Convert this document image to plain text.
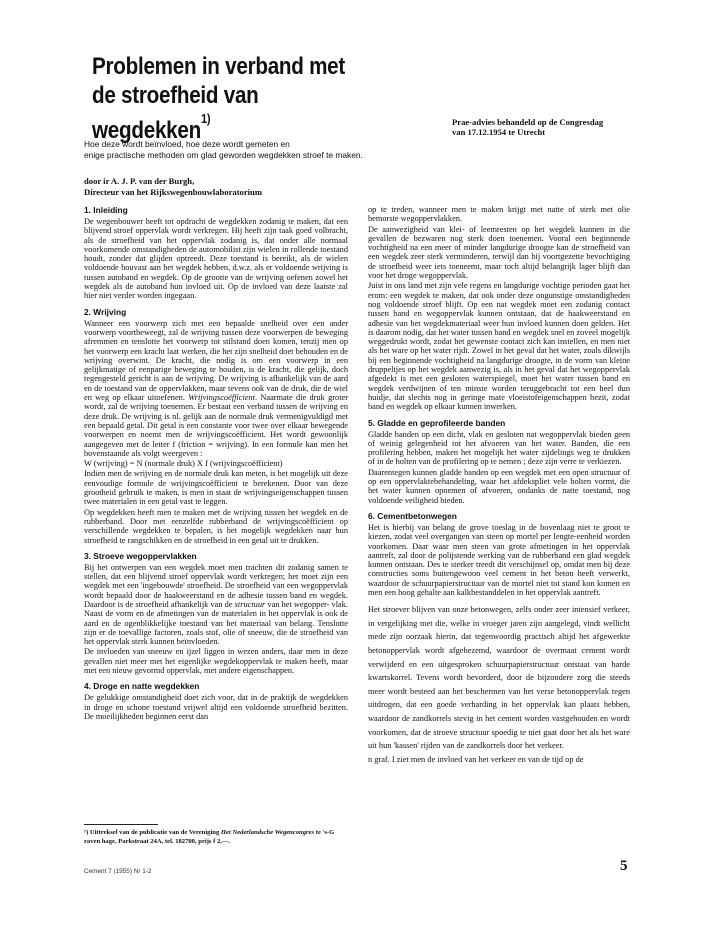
Problemen in verband met de stroefheid van wegdekken$^{1)}$	Prae-advies behandeld op de Congresdag
van 17.12.1954 te Utrecht
Hoe deze wordt beïnvloed, hoe deze wordt gemeten en
enige practische methoden om glad geworden wegdekken stroef te maken.
door ir A. J. P. van der Burgh,
Directeur van het Rijkswegenbouwlaboratorium
1. Inleiding

De wegenbouwer heeft tot opdracht de wegdekken zodanig te maken, dat een blijvend stroef oppervlak wordt verkregen. Hij heeft zijn taak goed volbracht, als de stroefheid van het oppervlak zodanig is, dat onder alle normaal voorkomende omstandigheden de automobilist zijn wielen in rollende toestand houdt, zonder dat glijden optreedt. Deze toestand is bereikt, als de wielen voldoende houvast aan het wegdek hebben, d.w.z. als er voldoende wrijving is tussen autoband en wegdek. Op de grootte van de wrijving oefenen zowel het wegdek als de autoband hun invloed uit. Op de invloed van deze laatste zal hier niet verder worden ingegaan.

2. Wrijving

Wanneer een voorwerp zich met een bepaalde snelheid over een ander voorwerp voortbeweegt, zal de wrijving tussen deze voorwerpen de beweging afremmen en tenslotte het voorwerp tot stilstand doen komen, tenzij men op het voorwerp een kracht laat werken, die het zijn snelheid doet behouden en de wrijving overwint. De kracht, die nodig is om een voorwerp in een gelijkmatige of eenparige beweging te houden, is de kracht, die gelijk, doch tegengesteld gericht is aan de wrijving. De wrijving is afhankelijk van de aard en de toestand van de oppervlakken, maar tevens ook van de druk, die de wiel en weg op elkaar uitoefenen. Wrijvingscoëfficient. Naarmate die druk groter wordt, zal de wrijving toenemen. Er bestaat een verband tussen de wrijving en deze druk. De wrijving is nl. gelijk aan de normale druk vermenigvuldigd met een bepaald getal. Dit getal is een constante voor twee over elkaar bewegende voorwerpen en noemt men de wrijvingscoëfficient. Het wordt gewoonlijk aangegeven met de letter f (friction = wrijving). In een formule kan men het bovenstaande als volgt weergeven :

W (wrijving) = N (normale druk) X f (wrijvingscoëfficient)

Indien men de wrijving en de normale druk kan meten, is het mogelijk uit deze eenvoudige formule de wrijvingscoëfficient te berekenen. Door van deze grootheid gebruik te maken, is men in staat de wrijvingseigenschappen tussen twee materialen in een getal vast te leggen.

Op wegdekken heeft men te maken met de wrijving tussen het wegdek en de rubberband. Door met eenzelfde rubberband de wrijvingscoëfficient op verschillende wegdekken te bepalen, is het mogelijk wegdekken naar hun stroefheid te rangschikken en de stroefheid in een getal uit te drukken.

3. Stroeve wegoppervlakken

Bij het ontwerpen van een wegdek moet men trachten dit zodanig samen te stellen, dat een blijvend stroef oppervlak wordt verkregen; het moet zijn een wegdek met een 'ingebouwde' stroefheid. De stroefheid van een wegoppervlak wordt bepaald door de haakweerstand en de adhesie tussen band en wegdek. Daardoor is de stroefheid afhankelijk van de structuur van het wegopper- vlak. Naast de vorm en de afmetingen van de materialen in het oppervlak is ook de aard en de ogenblikkelijke toestand van het materiaal van belang. Tenslotte zijn er de toevallige factoren, zoals stof, olie of sneeuw, die de stroefheid van het oppervlak sterk kunnen beïnvloeden.

De invloeden van sneeuw en ijzel liggen in wezen anders, daar men in deze gevallen niet meer met het eigenlijke wegdekoppervlak te maken heeft, maar met een nieuw gevormd oppervlak, met andere eigenschappen.

4. Droge en natte wegdekken

De gelukkige omstandigheid doet zich voor, dat in de praktijk de wegdekken in droge en schone toestand vrijwel altijd een voldoende stroefheid bezitten. De moeilijkheden beginnen eerst dan

op te treden, wanneer men te maken krijgt met natte of sterk met olie bemorste wegoppervlakken.

De aanwezigheid van klei- of leemresten op het wegdek kunnen in die gevallen de bezwaren nog sterk doen toenemen. Vooral een beginnende vochtigheid na een meer of minder langdurige droogte kan de stroefheid van een wegdek zeer sterk verminderen, terwijl dan bij voortgezette bevochtiging de stroefheid weer iets toeneemt, maar toch altijd belangrijk lager blijft dan voor het droge wegoppervlak.

Juist in ons land met zijn vele regens en langdurige vochtige perioden gaat het erom: een wegdek te maken, dat ook onder deze ongunstige omstandigheden nog voldoende stroef blijft. Op een nat wegdek moet een zodanig contact tussen band en wegoppervlak kunnen ontstaan, dat de haakweerstand en adhesie van het wegdekmateriaal weer hun invloed kunnen doen gelden. Het is daarom nodig, dat het water tussen band en wegdek snel en zoveel mogelijk weggedrukt wordt, zodat het gewenste contact zich kan instellen, en men niet als het ware op het water rijdt. Zowel in het geval dat het water, zoals dikwijls bij een beginnende vochtigheid na langdurige droogte, in de vorm van kleine druppeltjes op het wegdek aanwezig is, als in het geval dat het wegoppervlak afgedekt is met een gesloten waterspiegel, moet het water tussen band en wegdek verdwijnen of ten minste worden teruggebracht tot een heel dun huidje, dat slechts nog in geringe mate vloeistofeigenschappen bezit, zodat band en wegdek op elkaar kunnen inwerken.

5. Gladde en geprofileerde banden

Gladde banden op een dicht, vlak en gesloten nat wegoppervlak bieden geen of weinig gelegenheid tot het afvoeren van het water. Banden, die een profilering hebben, maken het mogelijk het water zijdelings weg te drukken of in de holten van de profilering op te nemen ; deze zijn verre te verkiezen.

Daarentegen kunnen gladde banden op een wegdek met een open structuur of op een oppervlaktebehandeling, waar het afdekspliet vele holten vormt, die het water kunnen opnemen of afvoeren, ondanks de natte toestand, nog voldoende veiligheid bieden.

6. Cementbetonwegen

Het is hierbij van belang de grove toeslag in de bovenlaag niet te groot te kiezen, zodat veel overgangen van steen op mortel per lengte-eenheid worden voorkomen. Daar waar men steen van grote afmetingen in het oppervlak aantreft, zal door de polijstende werking van de rubberband een glad wegdek kunnen ontstaan. Des te sterker treedt dit verschijnsel op, omdat men bij deze constructies soms buitengewoon veel cement in het beton heeft verwerkt, waardoor de schuurpapierstructuur van de mortel niet tot stand kon komen en men een hoog gehalte aan kalkbestanddelen in het oppervlak aantreft.

Het stroever blijven van onze betonwegen, zelfs onder zeer intensief verkeer, in vergelijking met die, welke in vroeger jaren zijn aangelegd, vindt wellicht mede zijn oorzaak hierin, dat tegenwoordig practisch altijd het afgewerkte betonoppervlak wordt afgebezemd, waardoor de overmaat cement wordt verwijderd en een uitgesproken schuurpapierstructuur ontstaat van harde kwartskorrel. Tevens wordt bevorderd, door de bijzondere zorg die steeds meer wordt besteed aan het beschermen van het verse betonoppervlak tegen uitdrogen, dat een goede verharding in het oppervlak kan plaats hebben, waardoor de zandkorrels stevig in het cement worden vastgehouden en wordt voorkomen, dat de stroeve structuur spoedig te niet gaat door het als het ware uit hun 'kassen' rijden van de zandkorrels door het verkeer.
n graf. I ziet men de invloed van het verkeer en van de tijd op de

¹) Uittreksel van de publicatie van de Vereniging Het Nederlandsche Wegencongres te 's-G raven hage, Parkstraat 24A, tel. 182700, prijs f 2,—.
Cement 7 (1955) Nr 1-2	5
